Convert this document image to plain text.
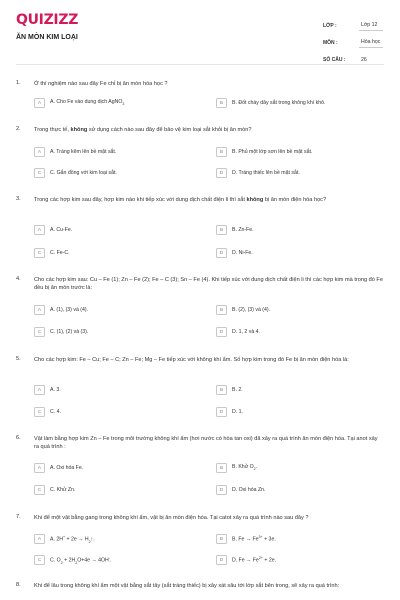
QUIZIZZ
ĂN MÒN KIM LOẠI
LỚP :	Lớp 12
MÔN :	Hóa học
SỐ CÂU :	26
1. Ở thí nghiệm nào sau đây Fe chỉ bị ăn mòn hóa học ?
A	A. Cho Fe vào dung dịch AgNO$_3$	B	B. Đốt cháy dây sắt trong không khí khô.
2. Trong thực tế, không sử dụng cách nào sau đây để bảo vệ kim loại sắt khỏi bị ăn mòn?
A	A. Tráng kẽm lên bề mặt sắt.	B	B. Phủ một lớp sơn lên bề mặt sắt.
C	C. Gắn đồng với kim loại sắt.	D	D. Tráng thiếc lên bề mặt sắt.
3. Trong các hợp kim sau đây, hợp kim nào khi tiếp xúc với dung dịch chất điện li thì sắt không bị ăn mòn điện hóa học?
A	A. Cu-Fe.	B	B. Zn-Fe.
C	C. Fe-C.	D	D. Ni-Fe.
4. Cho các hợp kim sau: Cu – Fe (1); Zn – Fe (2); Fe – C (3); Sn – Fe (4). Khi tiếp xúc với dung dịch chất điện li thì các hợp kim mà trong đó Fe đều bị ăn mòn trước là:
A	A. (1), (3) và (4).	B	B. (2), (3) và (4).
C	C. (1), (2) và (3).	D	D. 1, 2 và 4.
5. Cho các hợp kim: Fe – Cu; Fe – C; Zn – Fe; Mg – Fe tiếp xúc với không khí ẩm. Số hợp kim trong đó Fe bị ăn mòn điện hóa là:
A	A. 3.	B	B. 2.
C	C. 4.	D	D. 1.
6. Vật làm bằng hợp kim Zn – Fe trong môi trường không khí ẩm (hơi nước có hòa tan oxi) đã xảy ra quá trình ăn mòn điện hóa. Tại anot xảy ra quá trình :
A	A. Oxi hóa Fe.	B	B. Khử $O_2$.
C	C. Khử Zn.	D	D. Oxi hóa Zn.
7. Khi để một vật bằng gang trong không khí ẩm, vật bị ăn mòn điện hóa. Tại catot xảy ra quá trình nào sau đây ?
A	A. $2H^+ + 2e \to H_2↑$.	B	B. $Fe \to Fe^{3+} + 3e$.
C	C. $O_2 + 2H_2O+4e \to 4OH^-$.	D	D. $Fe \to Fe^{2+} + 2e$.
8. Khi để lâu trong không khí ẩm một vật bằng sắt tây (sắt tráng thiếc) bị xây xát sâu tới lớp sắt bên trong, sẽ xảy ra quá trình:
